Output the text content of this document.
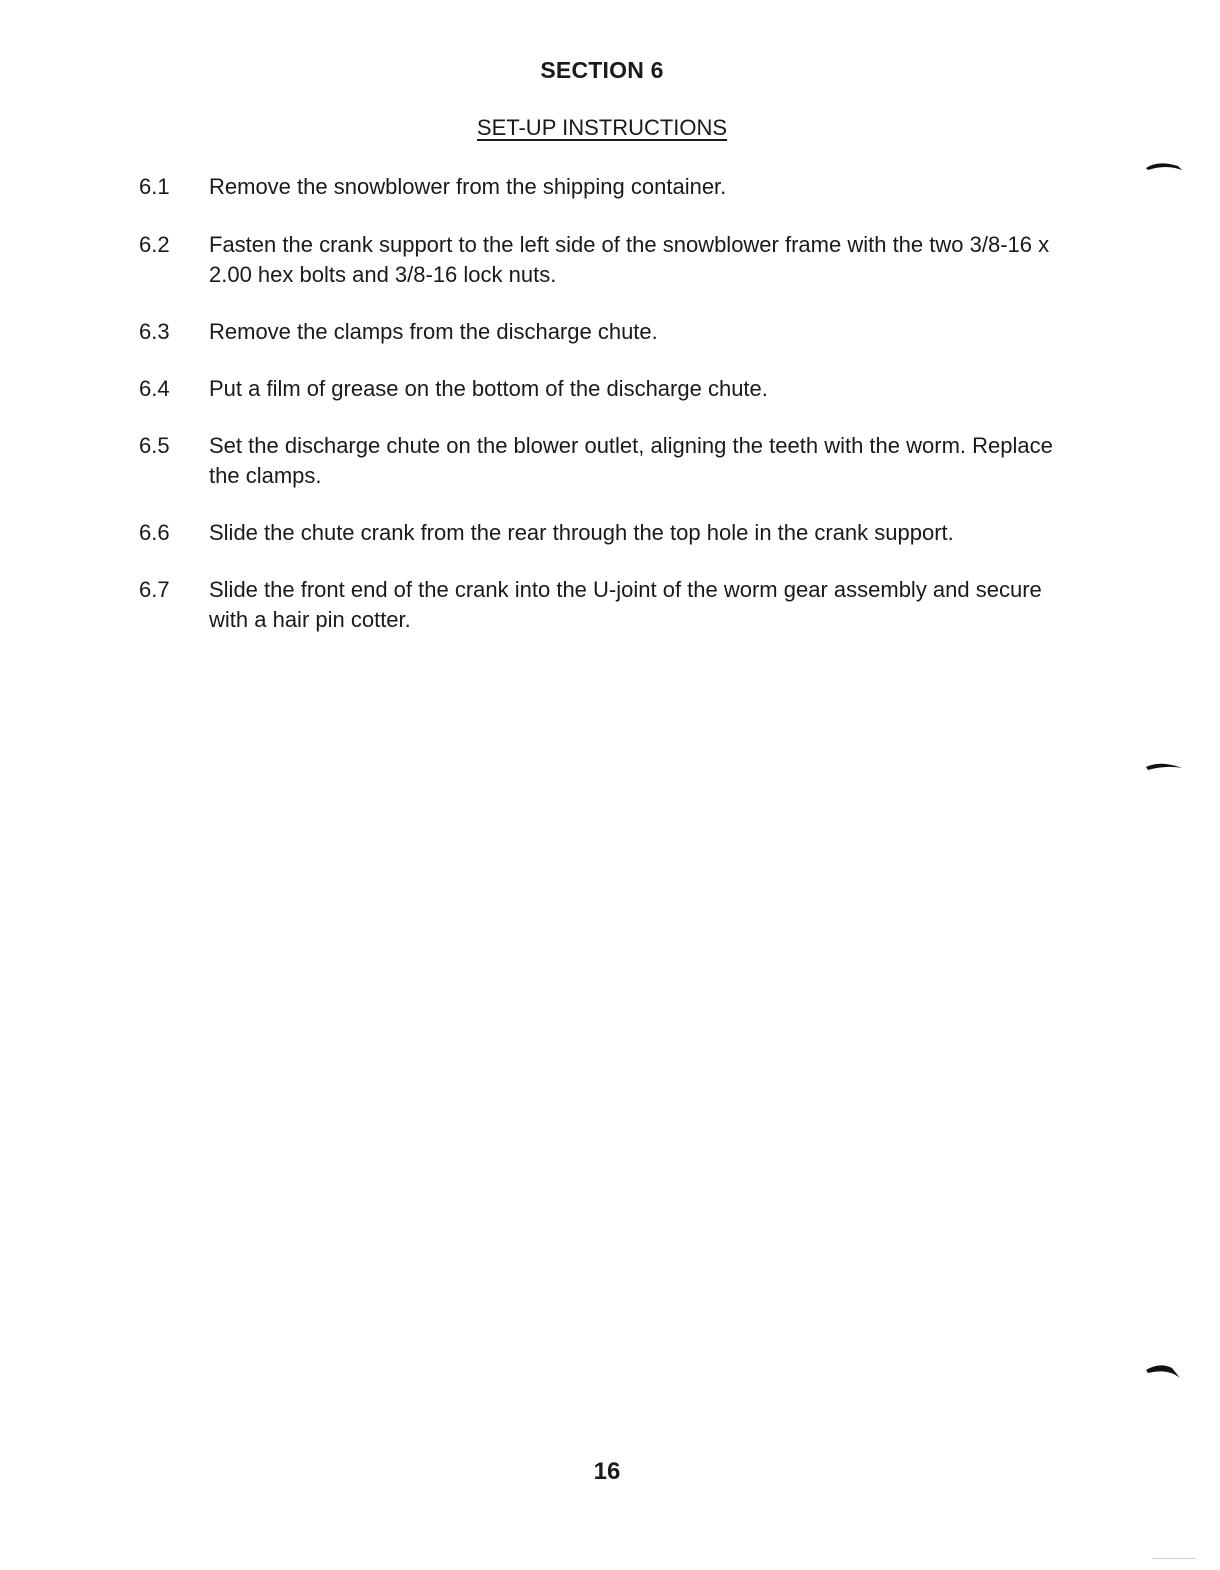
SECTION 6
SET-UP INSTRUCTIONS
6.1	Remove the snowblower from the shipping container.
6.2	Fasten the crank support to the left side of the snowblower frame with the two 3/8-16 x 2.00 hex bolts and 3/8-16 lock nuts.
6.3	Remove the clamps from the discharge chute.
6.4	Put a film of grease on the bottom of the discharge chute.
6.5	Set the discharge chute on the blower outlet, aligning the teeth with the worm. Replace the clamps.
6.6	Slide the chute crank from the rear through the top hole in the crank support.
6.7	Slide the front end of the crank into the U-joint of the worm gear assembly and secure with a hair pin cotter.
16
